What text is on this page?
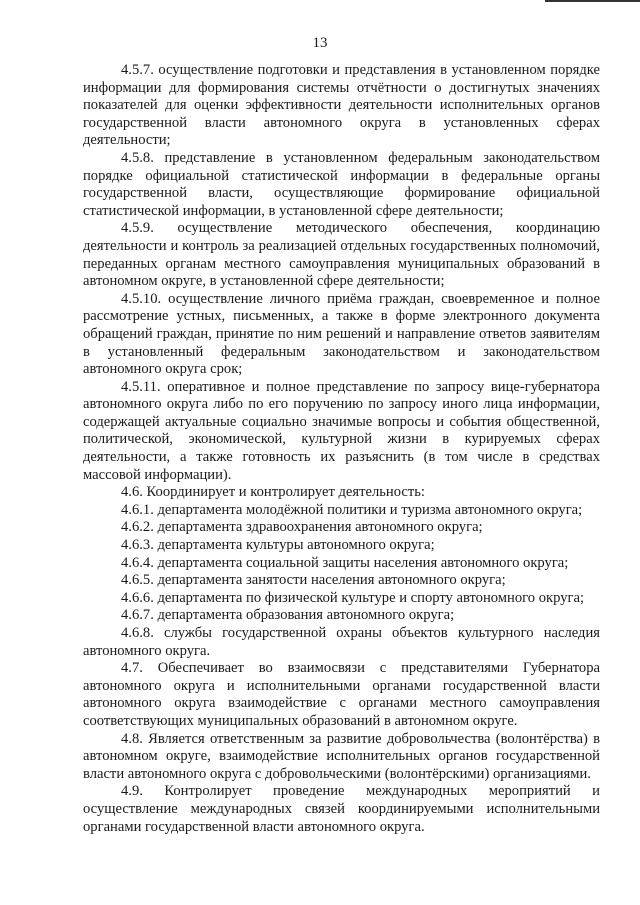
13

4.5.7. осуществление подготовки и представления в установленном порядке информации для формирования системы отчётности о достигнутых значениях показателей для оценки эффективности деятельности исполнительных органов государственной власти автономного округа в установленных сферах деятельности;

4.5.8. представление в установленном федеральным законодательством порядке официальной статистической информации в федеральные органы государственной власти, осуществляющие формирование официальной статистической информации, в установленной сфере деятельности;

4.5.9. осуществление методического обеспечения, координацию деятельности и контроль за реализацией отдельных государственных полномочий, переданных органам местного самоуправления муниципальных образований в автономном округе, в установленной сфере деятельности;

4.5.10. осуществление личного приёма граждан, своевременное и полное рассмотрение устных, письменных, а также в форме электронного документа обращений граждан, принятие по ним решений и направление ответов заявителям в установленный федеральным законодательством и законодательством автономного округа срок;

4.5.11. оперативное и полное представление по запросу вице-губернатора автономного округа либо по его поручению по запросу иного лица информации, содержащей актуальные социально значимые вопросы и события общественной, политической, экономической, культурной жизни в курируемых сферах деятельности, а также готовность их разъяснить (в том числе в средствах массовой информации).

4.6. Координирует и контролирует деятельность:

4.6.1. департамента молодёжной политики и туризма автономного округа;

4.6.2. департамента здравоохранения автономного округа;

4.6.3. департамента культуры автономного округа;

4.6.4. департамента социальной защиты населения автономного округа;

4.6.5. департамента занятости населения автономного округа;

4.6.6. департамента по физической культуре и спорту автономного округа;

4.6.7. департамента образования автономного округа;

4.6.8. службы государственной охраны объектов культурного наследия автономного округа.

4.7. Обеспечивает во взаимосвязи с представителями Губернатора автономного округа и исполнительными органами государственной власти автономного округа взаимодействие с органами местного самоуправления соответствующих муниципальных образований в автономном округе.

4.8. Является ответственным за развитие добровольчества (волонтёрства) в автономном округе, взаимодействие исполнительных органов государственной власти автономного округа с добровольческими (волонтёрскими) организациями.

4.9. Контролирует проведение международных мероприятий и осуществление международных связей координируемыми исполнительными органами государственной власти автономного округа.
